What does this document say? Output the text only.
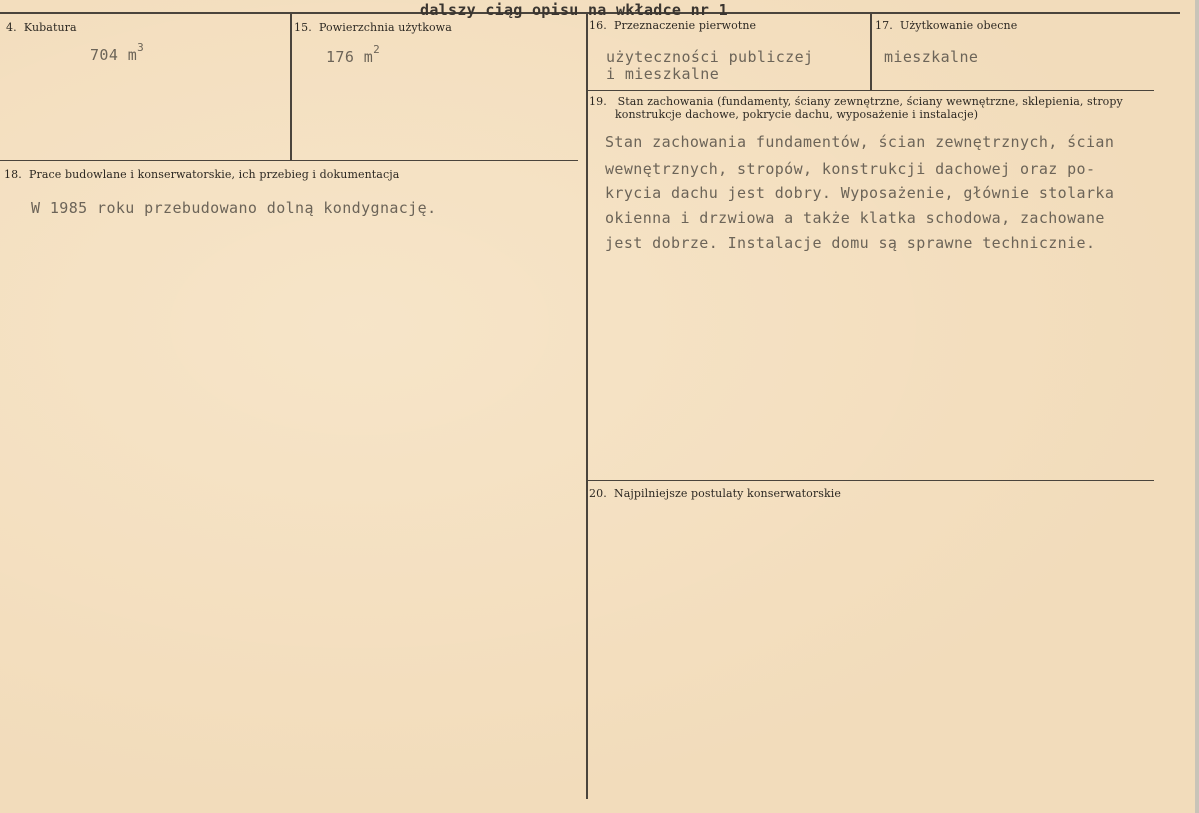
dalszy ciąg opisu na wkładce nr 1
4. Kubatura
704 $m^3$
15. Powierzchnia użytkowa
176 $m^2$
16. Przeznaczenie pierwotne
użyteczności publiczej
i mieszkalne
17. Użytkowanie obecne
mieszkalne
18. Prace budowlane i konserwatorskie, ich przebieg i dokumentacja
W 1985 roku przebudowano dolną kondygnację.
19. Stan zachowania (fundamenty, ściany zewnętrzne, ściany wewnętrzne, sklepienia, stropy
konstrukcje dachowe, pokrycie dachu, wyposażenie i instalacje)
Stan zachowania fundamentów, ścian zewnętrznych, ścian
wewnętrznych, stropów, konstrukcji dachowej oraz po-
krycia dachu jest dobry. Wyposażenie, głównie stolarka
okienna i drzwiowa a także klatka schodowa, zachowane
jest dobrze. Instalacje domu są sprawne technicznie.
20. Najpilniejsze postulaty konserwatorskie
